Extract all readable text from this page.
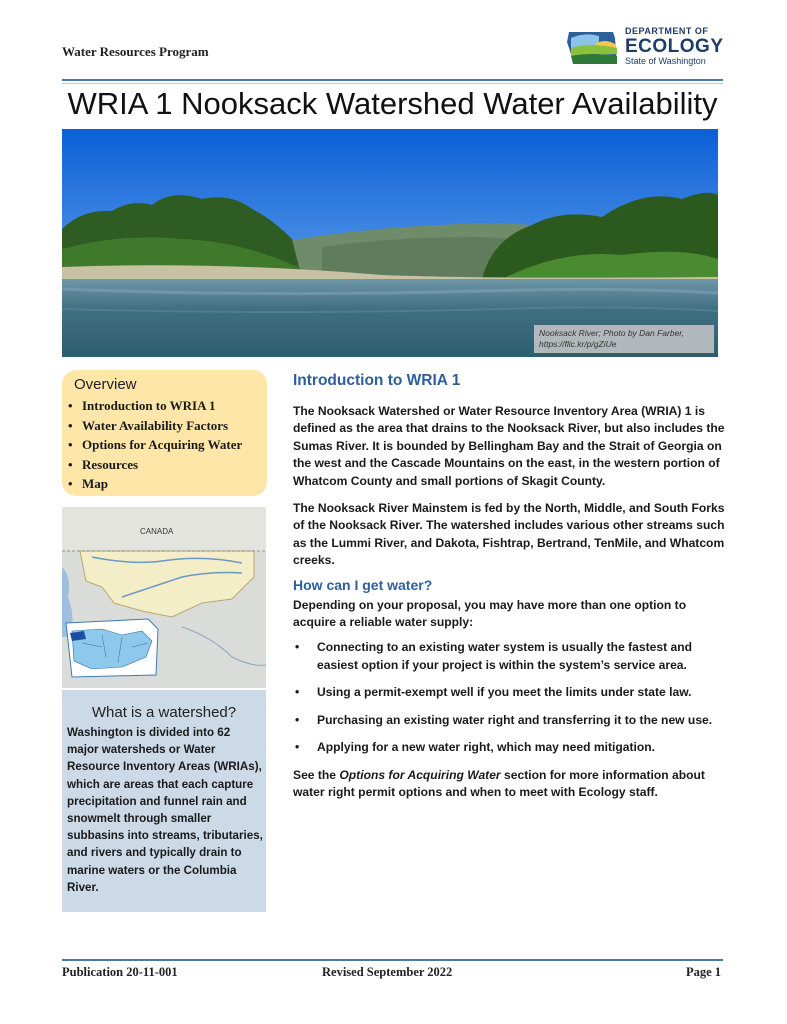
Water Resources Program
DEPARTMENT OF
ECOLOGY
State of Washington
WRIA 1 Nooksack Watershed Water Availability
Nooksack River; Photo by Dan Farber,
https://flic.kr/p/gZiUe
Overview
• Introduction to WRIA 1
• Water Availability Factors
• Options for Acquiring Water
• Resources
• Map
CANADA
What is a watershed?
Washington is divided into 62 major watersheds or Water Resource Inventory Areas (WRIAs), which are areas that each capture precipitation and funnel rain and snowmelt through smaller subbasins into streams, tributaries, and rivers and typically drain to marine waters or the Columbia River.
Introduction to WRIA 1

The Nooksack Watershed or Water Resource Inventory Area (WRIA) 1 is defined as the area that drains to the Nooksack River, but also includes the Sumas River. It is bounded by Bellingham Bay and the Strait of Georgia on the west and the Cascade Mountains on the east, in the western portion of Whatcom County and small portions of Skagit County.

The Nooksack River Mainstem is fed by the North, Middle, and South Forks of the Nooksack River. The watershed includes various other streams such as the Lummi River, and Dakota, Fishtrap, Bertrand, TenMile, and Whatcom creeks.

How can I get water?

Depending on your proposal, you may have more than one option to acquire a reliable water supply:

• Connecting to an existing water system is usually the fastest and easiest option if your project is within the system’s service area.
• Using a permit-exempt well if you meet the limits under state law.
• Purchasing an existing water right and transferring it to the new use.
• Applying for a new water right, which may need mitigation.

See the Options for Acquiring Water section for more information about water right permit options and when to meet with Ecology staff.

Publication 20-11-001	Revised September 2022	Page 1
